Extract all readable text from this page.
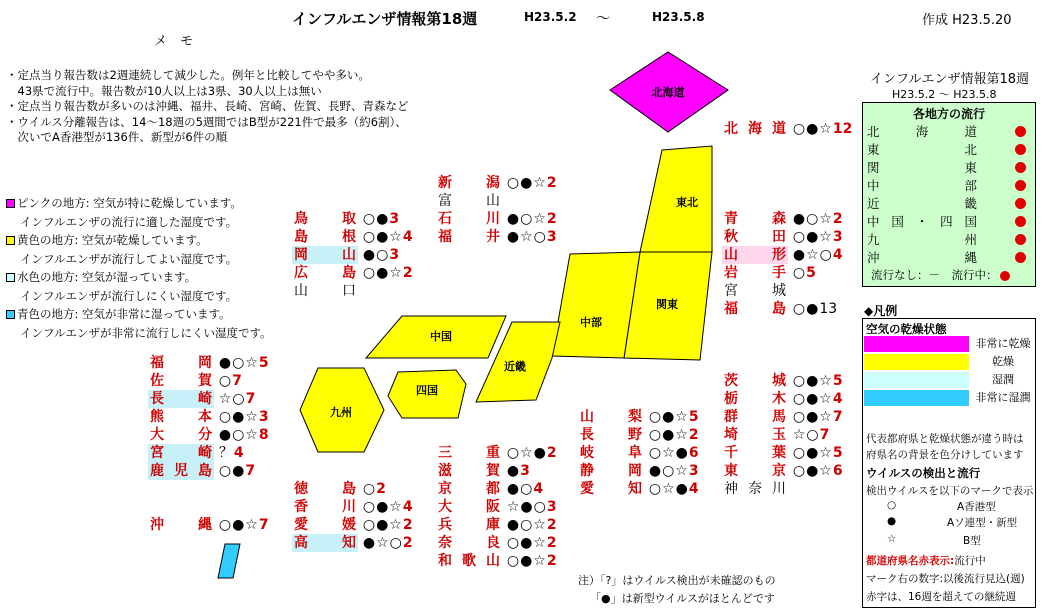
インフルエンザ情報第18週	H23.5.2 ～	H23.5.8	作成 H23.5.20
メ　モ
・定点当り報告数は2週連続して減少した。例年と比較してやや多い。
　43県で流行中。報告数が10人以上は3県、30人以上は無い
・定点当り報告数が多いのは沖縄、福井、長崎、宮崎、佐賀、長野、青森など
・ウイルス分離報告は、14～18週の5週間ではB型が221件で最多（約6割）、
　次いでA香港型が136件、新型が6件の順
ピンクの地方: 空気が特に乾燥しています。
インフルエンザの流行に適した湿度です。
黄色の地方: 空気が乾燥しています。
インフルエンザが流行してよい湿度です。
水色の地方: 空気が湿っています。
インフルエンザが流行しにくい湿度です。
青色の地方: 空気が非常に湿っています。
インフルエンザが非常に流行しにくい湿度です。
北海道
東北
関東
中部
近畿
中国
四国
九州
北海道 ○●☆12
青　森 ●○☆2
秋　田 ○●☆3
山　形 ●☆○4
岩　手 ○5
宮　城
福　島 ○●13
新　潟 ○●☆2
富　山
石　川 ●○☆2
福　井 ●☆○3
鳥　取 ○●3
島　根 ○●☆4
岡　山 ●○3
広　島 ○●☆2
山　口
福　岡 ●○☆5
佐　賀 ○7
長　崎 ☆○7
熊　本 ○●☆3
大　分 ●○☆8
宮　崎 ？4
鹿児島 ○●7
沖　縄 ○●☆7
徳　島 ○2
香　川 ○●☆4
愛　媛 ○●☆2
高　知 ●☆○2
三　重 ○☆●2
滋　賀 ●3
京　都 ●○4
大　阪 ☆●○3
兵　庫 ●○☆2
奈　良 ○●☆2
和歌山 ○●☆2
山　梨 ○●☆5
長　野 ○●☆2
岐　阜 ○☆●6
静　岡 ●○☆3
愛　知 ○☆●4
茨　城 ○●☆5
栃　木 ○●☆4
群　馬 ○●☆7
埼　玉 ☆○7
千　葉 ○●☆5
東　京 ○●☆6
神奈川
注）「?」はウイルス検出が未確認のもの
「●」は新型ウイルスがほとんどです
インフルエンザ情報第18週
H23.5.2 ～ H23.5.8
各地方の流行
北　海　道
東　北
関　東
中　部
近　畿
中国・四国
九　州
沖　縄
流行なし：－　流行中：
◆凡例
空気の乾燥状態
非常に乾燥
乾燥
湿潤
非常に湿潤
代表都府県と乾燥状態が違う時は
府県名の背景を色分けしています
ウイルスの検出と流行
検出ウイルスを以下のマークで表示
○	A香港型
●	Aソ連型・新型
☆	B型
都道府県名赤表示:流行中
マーク右の数字:以後流行見込(週)
赤字は、16週を超えての継続週
